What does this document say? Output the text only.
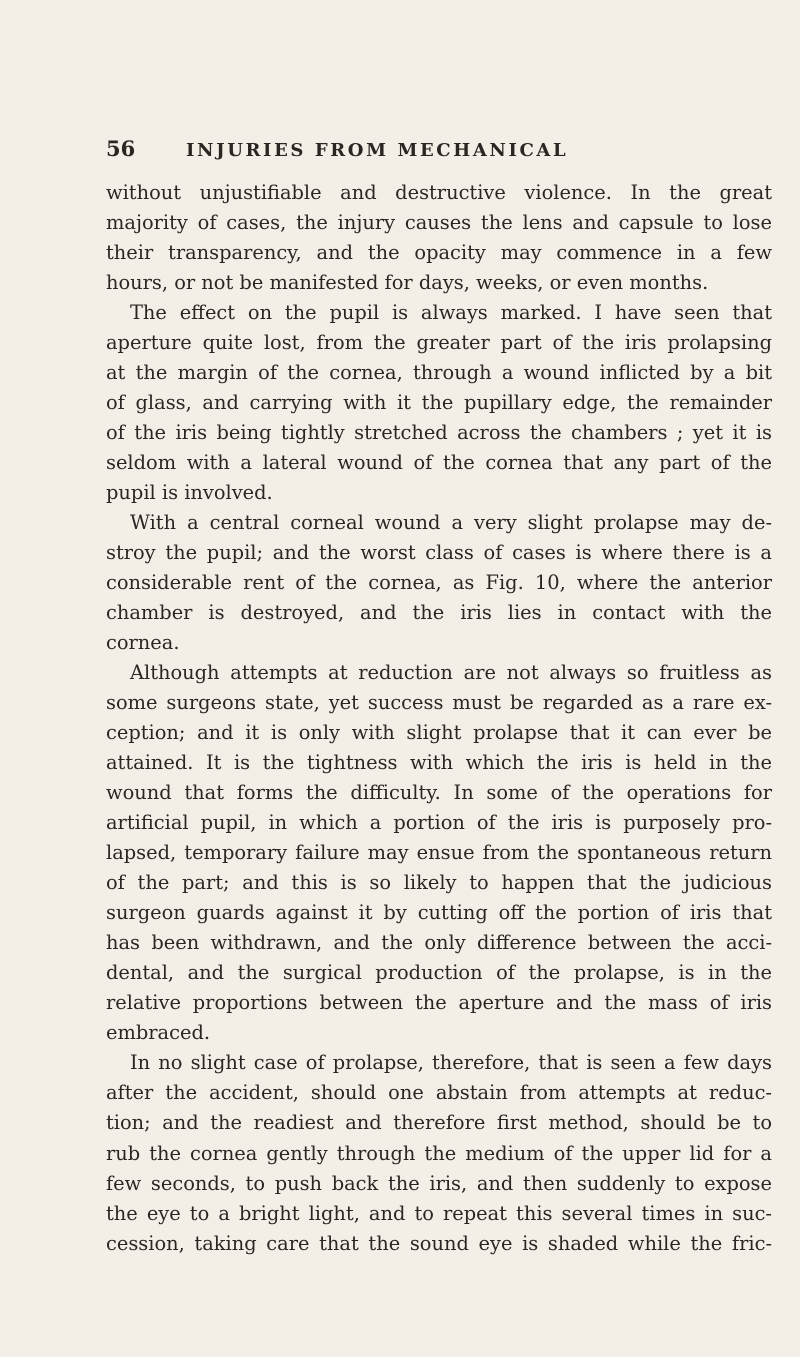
56	INJURIES FROM MECHANICAL
without unjustifiable and destructive violence. In the great
majority of cases, the injury causes the lens and capsule to lose
their transparency, and the opacity may commence in a few
hours, or not be manifested for days, weeks, or even months.
The effect on the pupil is always marked. I have seen that
aperture quite lost, from the greater part of the iris prolapsing
at the margin of the cornea, through a wound inflicted by a bit
of glass, and carrying with it the pupillary edge, the remainder
of the iris being tightly stretched across the chambers ; yet it is
seldom with a lateral wound of the cornea that any part of the
pupil is involved.
With a central corneal wound a very slight prolapse may de-
stroy the pupil; and the worst class of cases is where there is a
considerable rent of the cornea, as Fig. 10, where the anterior
chamber is destroyed, and the iris lies in contact with the
cornea.
Although attempts at reduction are not always so fruitless as
some surgeons state, yet success must be regarded as a rare ex-
ception; and it is only with slight prolapse that it can ever be
attained. It is the tightness with which the iris is held in the
wound that forms the difficulty. In some of the operations for
artificial pupil, in which a portion of the iris is purposely pro-
lapsed, temporary failure may ensue from the spontaneous return
of the part; and this is so likely to happen that the judicious
surgeon guards against it by cutting off the portion of iris that
has been withdrawn, and the only difference between the acci-
dental, and the surgical production of the prolapse, is in the
relative proportions between the aperture and the mass of iris
embraced.
In no slight case of prolapse, therefore, that is seen a few days
after the accident, should one abstain from attempts at reduc-
tion; and the readiest and therefore first method, should be to
rub the cornea gently through the medium of the upper lid for a
few seconds, to push back the iris, and then suddenly to expose
the eye to a bright light, and to repeat this several times in suc-
cession, taking care that the sound eye is shaded while the fric-
